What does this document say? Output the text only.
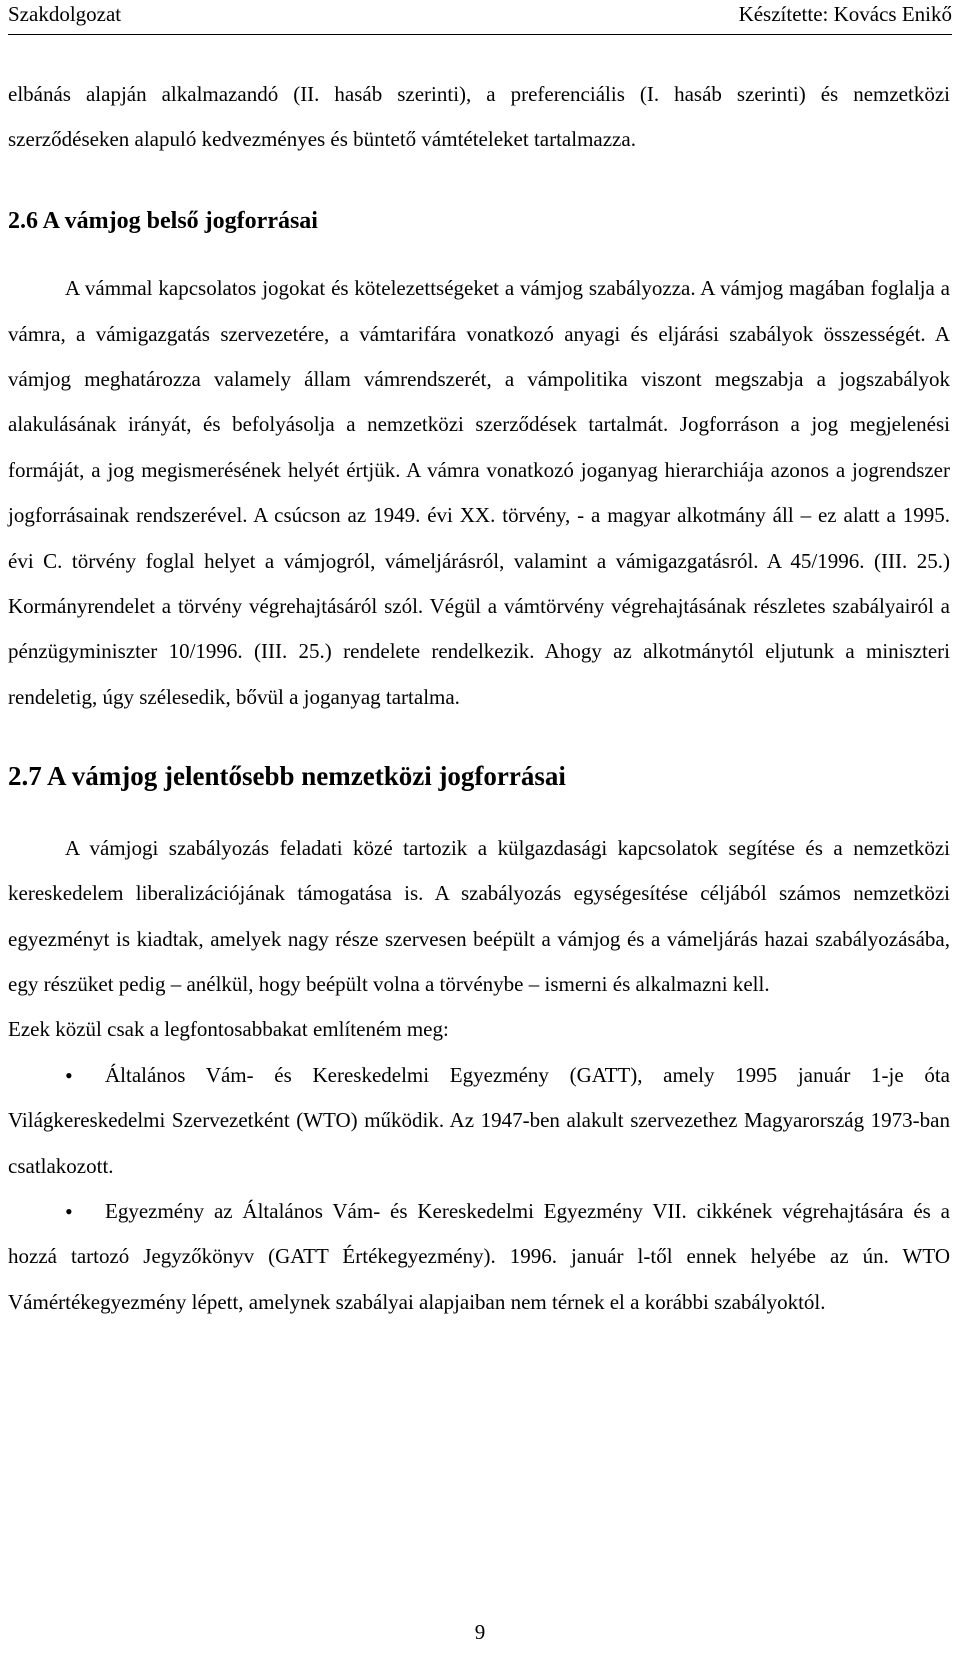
Szakdolgozat	Készítette: Kovács Enikő

elbánás alapján alkalmazandó (II. hasáb szerinti), a preferenciális (I. hasáb szerinti) és nemzetközi szerződéseken alapuló kedvezményes és büntető vámtételeket tartalmazza.

2.6 A vámjog belső jogforrásai

A vámmal kapcsolatos jogokat és kötelezettségeket a vámjog szabályozza. A vámjog magában foglalja a vámra, a vámigazgatás szervezetére, a vámtarifára vonatkozó anyagi és eljárási szabályok összességét. A vámjog meghatározza valamely állam vámrendszerét, a vámpolitika viszont megszabja a jogszabályok alakulásának irányát, és befolyásolja a nemzetközi szerződések tartalmát. Jogforráson a jog megjelenési formáját, a jog megismerésének helyét értjük. A vámra vonatkozó joganyag hierarchiája azonos a jogrendszer jogforrásainak rendszerével. A csúcson az 1949. évi XX. törvény, - a magyar alkotmány áll – ez alatt a 1995. évi C. törvény foglal helyet a vámjogról, vámeljárásról, valamint a vámigazgatásról. A 45/1996. (III. 25.) Kormányrendelet a törvény végrehajtásáról szól. Végül a vámtörvény végrehajtásának részletes szabályairól a pénzügyminiszter 10/1996. (III. 25.) rendelete rendelkezik. Ahogy az alkotmánytól eljutunk a miniszteri rendeletig, úgy szélesedik, bővül a joganyag tartalma.

2.7 A vámjog jelentősebb nemzetközi jogforrásai

A vámjogi szabályozás feladati közé tartozik a külgazdasági kapcsolatok segítése és a nemzetközi kereskedelem liberalizációjának támogatása is. A szabályozás egységesítése céljából számos nemzetközi egyezményt is kiadtak, amelyek nagy része szervesen beépült a vámjog és a vámeljárás hazai szabályozásába, egy részüket pedig – anélkül, hogy beépült volna a törvénybe – ismerni és alkalmazni kell.

Ezek közül csak a legfontosabbakat említeném meg:

• Általános Vám- és Kereskedelmi Egyezmény (GATT), amely 1995 január 1-je óta Világkereskedelmi Szervezetként (WTO) működik. Az 1947-ben alakult szervezethez Magyarország 1973-ban csatlakozott.

• Egyezmény az Általános Vám- és Kereskedelmi Egyezmény VII. cikkének végrehajtására és a hozzá tartozó Jegyzőkönyv (GATT Értékegyezmény). 1996. január l-től ennek helyébe az ún. WTO Vámértékegyezmény lépett, amelynek szabályai alapjaiban nem térnek el a korábbi szabályoktól.

9
